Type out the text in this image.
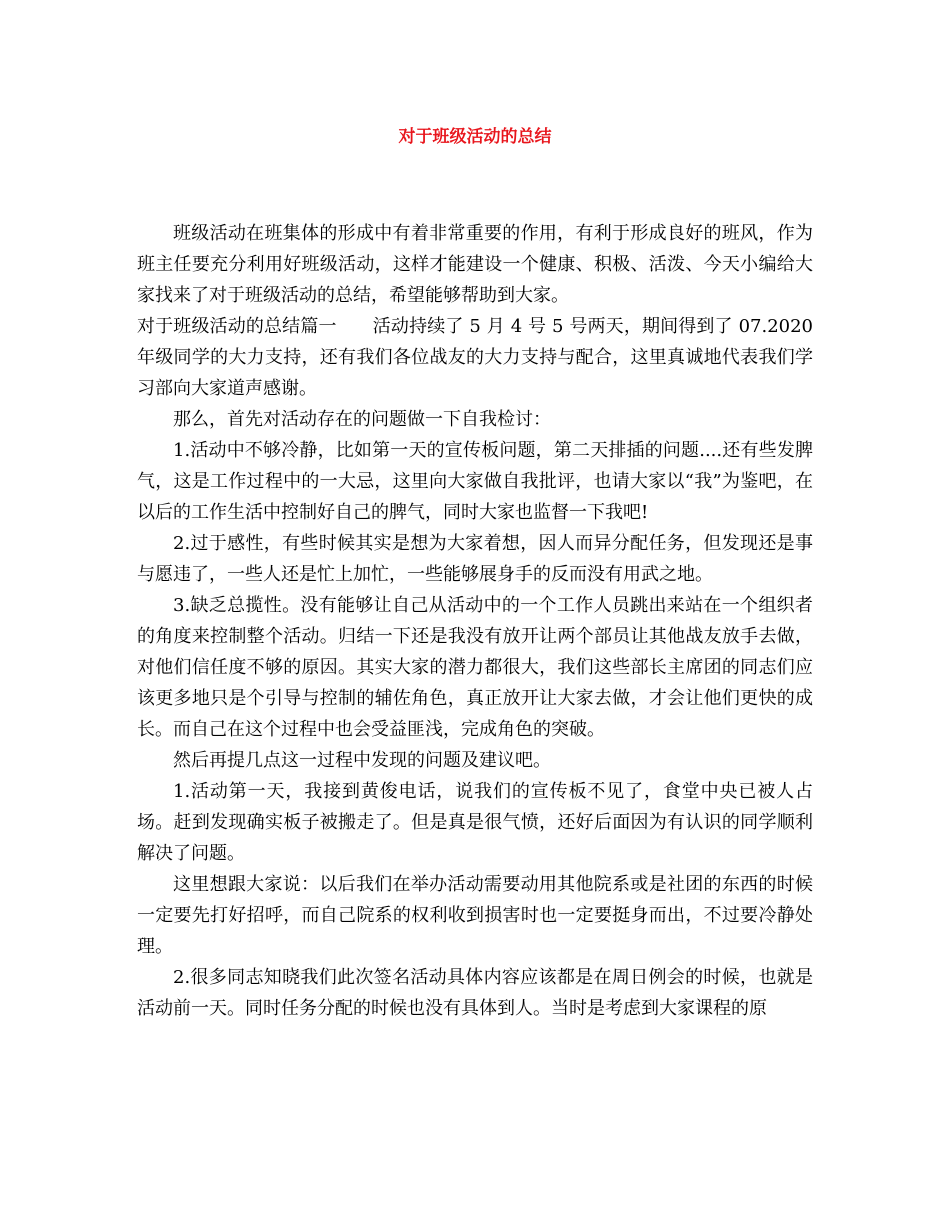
对于班级活动的总结

班级活动在班集体的形成中有着非常重要的作用，有利于形成良好的班风，作为班主任要充分利用好班级活动，这样才能建设一个健康、积极、活泼、今天小编给大家找来了对于班级活动的总结，希望能够帮助到大家。

对于班级活动的总结篇一 活动持续了 5 月 4 号 5 号两天，期间得到了 07.2020 年级同学的大力支持，还有我们各位战友的大力支持与配合，这里真诚地代表我们学习部向大家道声感谢。

那么，首先对活动存在的问题做一下自我检讨：

1.活动中不够冷静，比如第一天的宣传板问题，第二天排插的问题....还有些发脾气，这是工作过程中的一大忌，这里向大家做自我批评，也请大家以“我”为鉴吧，在以后的工作生活中控制好自己的脾气，同时大家也监督一下我吧!

2.过于感性，有些时候其实是想为大家着想，因人而异分配任务，但发现还是事与愿违了，一些人还是忙上加忙，一些能够展身手的反而没有用武之地。

3.缺乏总揽性。没有能够让自己从活动中的一个工作人员跳出来站在一个组织者的角度来控制整个活动。归结一下还是我没有放开让两个部员让其他战友放手去做，对他们信任度不够的原因。其实大家的潜力都很大，我们这些部长主席团的同志们应该更多地只是个引导与控制的辅佐角色，真正放开让大家去做，才会让他们更快的成长。而自己在这个过程中也会受益匪浅，完成角色的突破。

然后再提几点这一过程中发现的问题及建议吧。

1.活动第一天，我接到黄俊电话，说我们的宣传板不见了，食堂中央已被人占场。赶到发现确实板子被搬走了。但是真是很气愤，还好后面因为有认识的同学顺利解决了问题。

这里想跟大家说：以后我们在举办活动需要动用其他院系或是社团的东西的时候一定要先打好招呼，而自己院系的权利收到损害时也一定要挺身而出，不过要冷静处理。

2.很多同志知晓我们此次签名活动具体内容应该都是在周日例会的时候，也就是活动前一天。同时任务分配的时候也没有具体到人。当时是考虑到大家课程的原
